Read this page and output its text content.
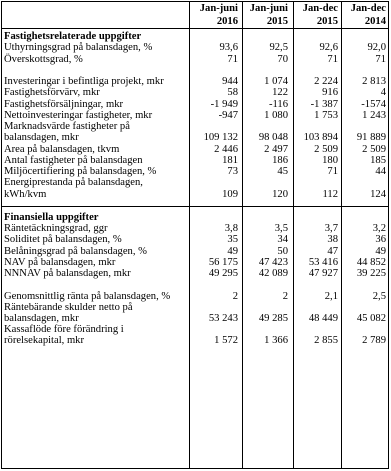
	Jan-juni	Jan-juni	Jan-dec	Jan-dec
	2016	2015	2015	2014
Fastighetsrelaterade uppgifter				
Uthyrningsgrad på balansdagen, %	93,6	92,5	92,6	92,0
Överskottsgrad, %	71	70	71	71
Investeringar i befintliga projekt, mkr	944	1 074	2 224	2 813
Fastighetsförvärv, mkr	58	122	916	4
Fastighetsförsäljningar, mkr	-1 949	-116	-1 387	-1574
Nettoinvesteringar fastigheter, mkr	-947	1 080	1 753	1 243
Marknadsvärde fastigheter på balansdagen, mkr	109 132	98 048	103 894	91 889
Area på balansdagen, tkvm	2 446	2 497	2 509	2 509
Antal fastigheter på balansdagen	181	186	180	185
Miljöcertifiering på balansdagen, %	73	45	71	44
Energiprestanda på balansdagen, kWh/kvm	109	120	112	124

Finansiella uppgifter				
Räntetäckningsgrad, ggr	3,8	3,5	3,7	3,2
Soliditet på balansdagen, %	35	34	38	36
Belåningsgrad på balansdagen, %	49	50	47	49
NAV på balansdagen, mkr	56 175	47 423	53 416	44 852
NNNAV på balansdagen, mkr	49 295	42 089	47 927	39 225
Genomsnittlig ränta på balansdagen, %	2	2	2,1	2,5
Räntebärande skulder netto på balansdagen, mkr	53 243	49 285	48 449	45 082
Kassaflöde före förändring i rörelsekapital, mkr	1 572	1 366	2 855	2 789
